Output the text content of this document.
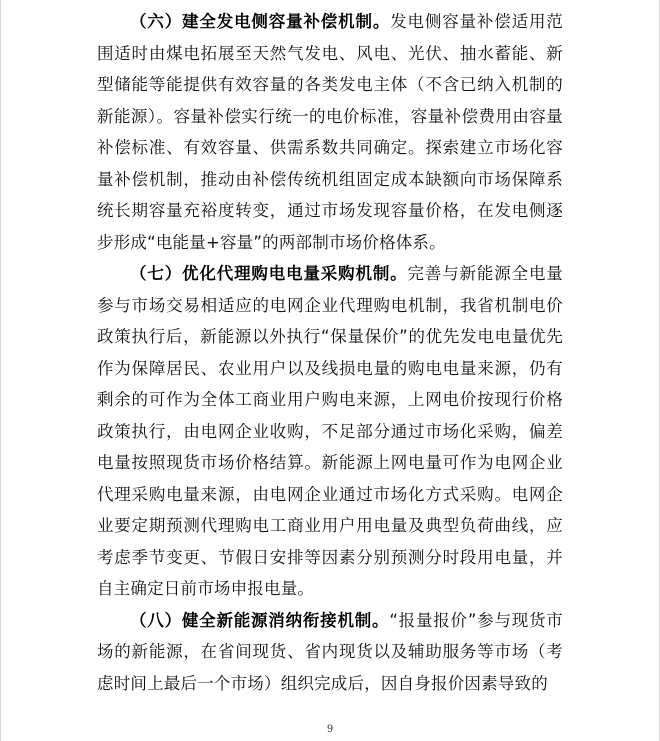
（六）建全发电侧容量补偿机制。发电侧容量补偿适用范围适时由煤电拓展至天然气发电、风电、光伏、抽水蓄能、新型储能等能提供有效容量的各类发电主体（不含已纳入机制的新能源）。容量补偿实行统一的电价标准，容量补偿费用由容量补偿标准、有效容量、供需系数共同确定。探索建立市场化容量补偿机制，推动由补偿传统机组固定成本缺额向市场保障系统长期容量充裕度转变，通过市场发现容量价格，在发电侧逐步形成“电能量+容量”的两部制市场价格体系。

（七）优化代理购电电量采购机制。完善与新能源全电量参与市场交易相适应的电网企业代理购电机制，我省机制电价政策执行后，新能源以外执行“保量保价”的优先发电电量优先作为保障居民、农业用户以及线损电量的购电电量来源，仍有剩余的可作为全体工商业用户购电来源，上网电价按现行价格政策执行，由电网企业收购，不足部分通过市场化采购，偏差电量按照现货市场价格结算。新能源上网电量可作为电网企业代理采购电量来源，由电网企业通过市场化方式采购。电网企业要定期预测代理购电工商业用户用电量及典型负荷曲线，应考虑季节变更、节假日安排等因素分别预测分时段用电量，并自主确定日前市场申报电量。

（八）健全新能源消纳衔接机制。“报量报价”参与现货市场的新能源，在省间现货、省内现货以及辅助服务等市场（考虑时间上最后一个市场）组织完成后，因自身报价因素导致的

9
